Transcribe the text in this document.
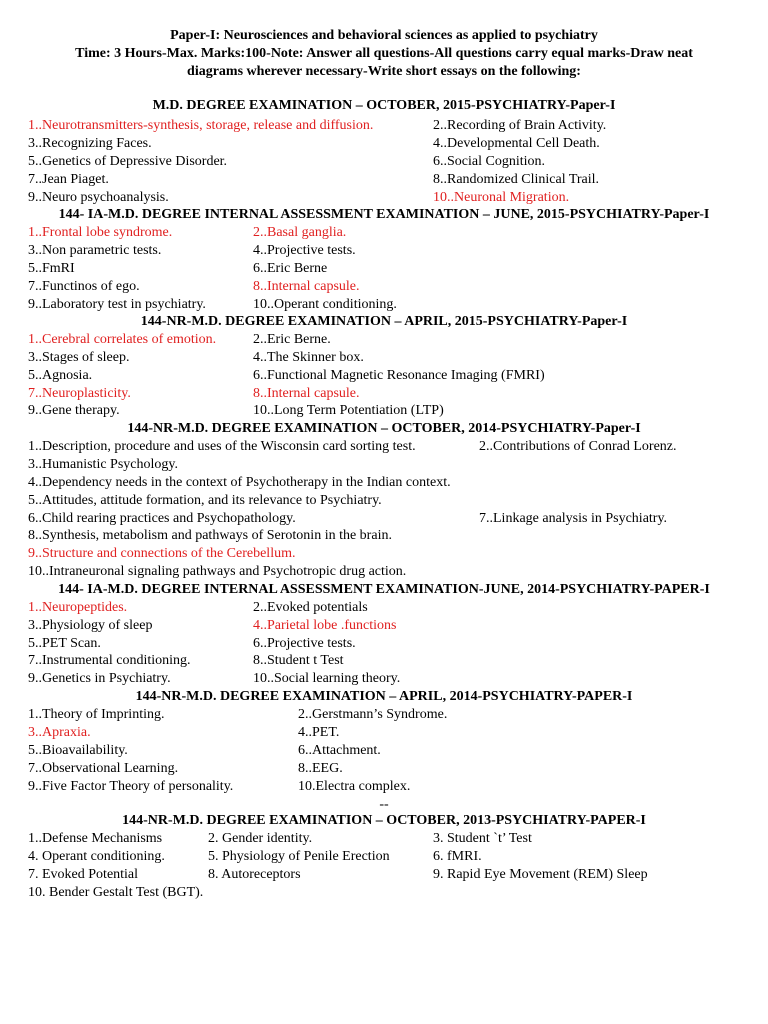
Paper-I: Neurosciences and behavioral sciences as applied to psychiatry
Time: 3 Hours-Max. Marks:100-Note: Answer all questions-All questions carry equal marks-Draw neat
diagrams wherever necessary-Write short essays on the following:
M.D. DEGREE EXAMINATION – OCTOBER, 2015-PSYCHIATRY-Paper-I
1..Neurotransmitters-synthesis, storage, release and diffusion.	2..Recording of Brain Activity.
3..Recognizing Faces.	4..Developmental Cell Death.
5..Genetics of Depressive Disorder.	6..Social Cognition.
7..Jean Piaget.	8..Randomized Clinical Trail.
9..Neuro psychoanalysis.	10..Neuronal Migration.
144- IA-M.D. DEGREE INTERNAL ASSESSMENT EXAMINATION – JUNE, 2015-PSYCHIATRY-Paper-I
1..Frontal lobe syndrome.	2..Basal ganglia.
3..Non parametric tests.	4..Projective tests.
5..FmRI	6..Eric Berne
7..Functinos of ego.	8..Internal capsule.
9..Laboratory test in psychiatry.	10..Operant conditioning.
144-NR-M.D. DEGREE EXAMINATION – APRIL, 2015-PSYCHIATRY-Paper-I
1..Cerebral correlates of emotion.	2..Eric Berne.
3..Stages of sleep.	4..The Skinner box.
5..Agnosia.	6..Functional Magnetic Resonance Imaging (FMRI)
7..Neuroplasticity.	8..Internal capsule.
9..Gene therapy.	10..Long Term Potentiation (LTP)
144-NR-M.D. DEGREE EXAMINATION – OCTOBER, 2014-PSYCHIATRY-Paper-I
1..Description, procedure and uses of the Wisconsin card sorting test.	2..Contributions of Conrad Lorenz.
3..Humanistic Psychology.
4..Dependency needs in the context of Psychotherapy in the Indian context.
5..Attitudes, attitude formation, and its relevance to Psychiatry.
6..Child rearing practices and Psychopathology.	7..Linkage analysis in Psychiatry.
8..Synthesis, metabolism and pathways of Serotonin in the brain.
9..Structure and connections of the Cerebellum.
10..Intraneuronal signaling pathways and Psychotropic drug action.
144- IA-M.D. DEGREE INTERNAL ASSESSMENT EXAMINATION-JUNE, 2014-PSYCHIATRY-PAPER-I
1..Neuropeptides.	2..Evoked potentials
3..Physiology of sleep	4..Parietal lobe .functions
5..PET Scan.	6..Projective tests.
7..Instrumental conditioning.	8..Student t Test
9..Genetics in Psychiatry.	10..Social learning theory.
144-NR-M.D. DEGREE EXAMINATION – APRIL, 2014-PSYCHIATRY-PAPER-I
1..Theory of Imprinting.	2..Gerstmann’s Syndrome.
3..Apraxia.	4..PET.
5..Bioavailability.	6..Attachment.
7..Observational Learning.	8..EEG.
9..Five Factor Theory of personality.	10.Electra complex.
--
144-NR-M.D. DEGREE EXAMINATION – OCTOBER, 2013-PSYCHIATRY-PAPER-I
1..Defense Mechanisms	2. Gender identity.	3. Student `t’ Test
4. Operant conditioning.	5. Physiology of Penile Erection	6. fMRI.
7. Evoked Potential	8. Autoreceptors	9. Rapid Eye Movement (REM) Sleep
10. Bender Gestalt Test (BGT).
